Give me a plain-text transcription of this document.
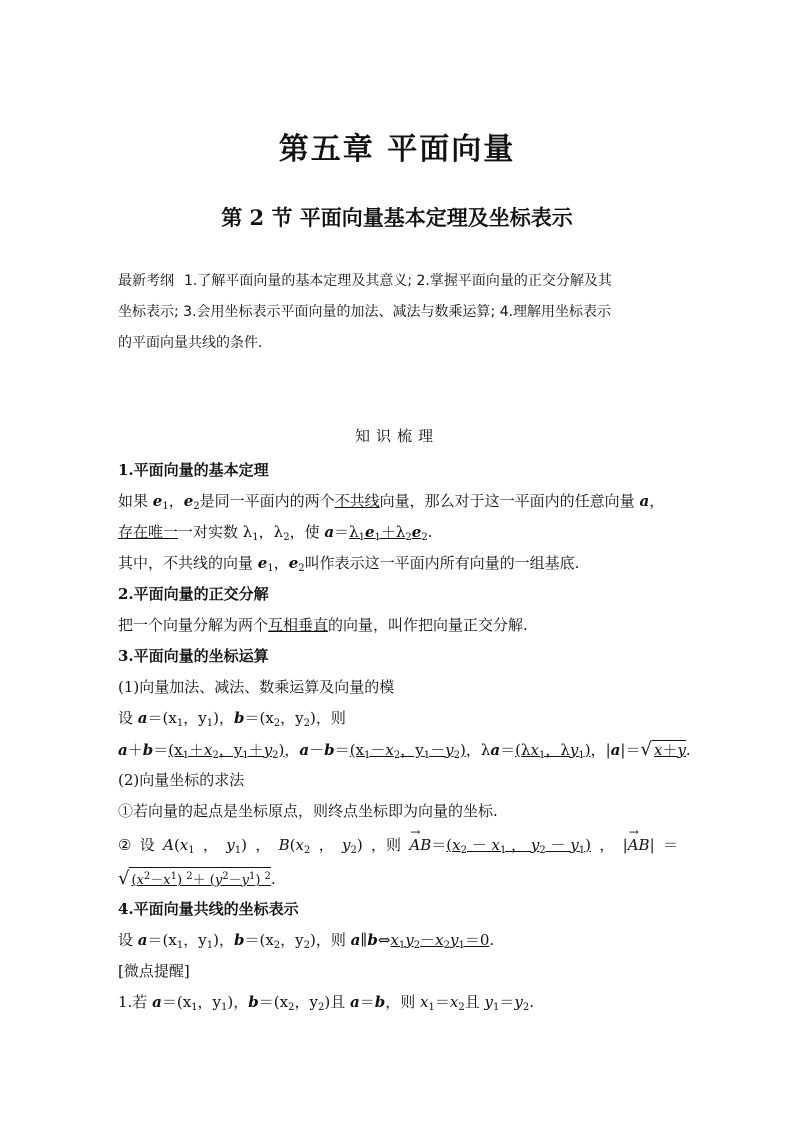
第五章 平面向量
第 2 节 平面向量基本定理及坐标表示
最新考纲 1.了解平面向量的基本定理及其意义; 2.掌握平面向量的正交分解及其
坐标表示; 3.会用坐标表示平面向量的加法、减法与数乘运算; 4.理解用坐标表示
的平面向量共线的条件.
知识梳理
1.平面向量的基本定理
如果 $e_1$，$e_2$是同一平面内的两个不共线向量，那么对于这一平面内的任意向量 a，
存在唯一一对实数 $\lambda_1$，$\lambda_2$，使 $a=\lambda_1e_1+\lambda_2e_2$.
其中，不共线的向量 $e_1$，$e_2$叫作表示这一平面内所有向量的一组基底.
2.平面向量的正交分解
把一个向量分解为两个互相垂直的向量，叫作把向量正交分解.
3.平面向量的坐标运算
(1)向量加法、减法、数乘运算及向量的模
设 $a=(x_1$，$y_1$)，$b=(x_2$，$y_2$)，则
$a+b=(x_1+x_2$，$y_1+y_2$)，$a-b=(x_1-x_2$，$y_1-y_2$)，$\lambda a=(\lambda x_1$，$\lambda y_1$)，|a|＝√ x＋y.
(2)向量坐标的求法
①若向量的起点是坐标原点，则终点坐标即为向量的坐标.
② 设 $A(x_1$ ， $y_1$) ， $B(x_2$ ， $y_2$) ，则
→ $AB=(x_2 - x_1$ ， $y_2 - y_1$) ， |→ AB| ＝
√ $(x^2-x^1)$ $^2+ (y^2-y^1)$ $^2$.
4.平面向量共线的坐标表示
设 $a=(x_1$，$y_1$)，$b=(x_2$，$y_2$)，则 $a\parallel b\Leftrightarrow x_1y_2-x_2y_1=0$.
[微点提醒]
1.若 $a=(x_1$，$y_1$)，$b=(x_2$，$y_2$)且 a＝b，则 $x_1=x_2$且 $y_1=y_2$.
